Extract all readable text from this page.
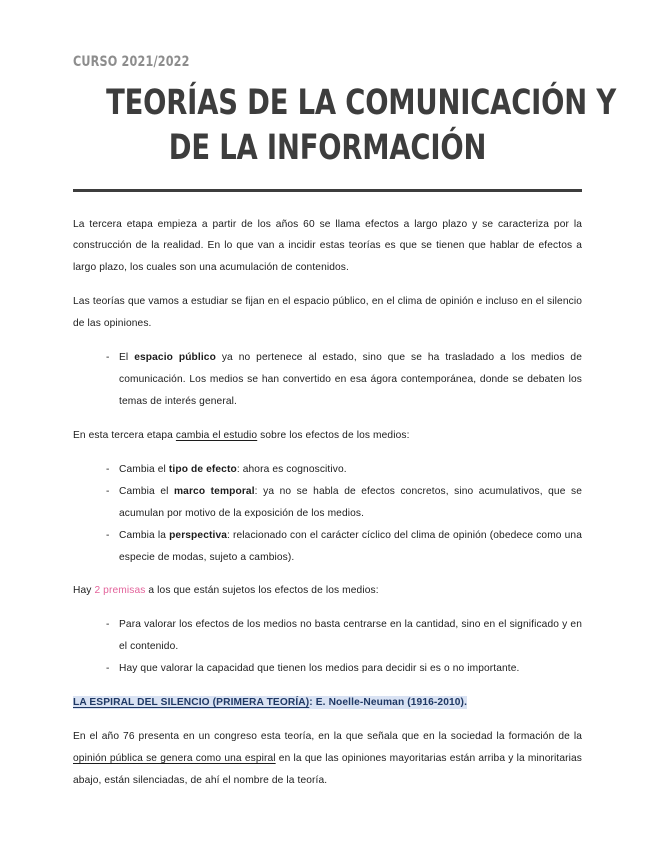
CURSO 2021/2022
TEORÍAS DE LA COMUNICACIÓN Y
DE LA INFORMACIÓN

La tercera etapa empieza a partir de los años 60 se llama efectos a largo plazo y se caracteriza por la construcción de la realidad. En lo que van a incidir estas teorías es que se tienen que hablar de efectos a largo plazo, los cuales son una acumulación de contenidos.

Las teorías que vamos a estudiar se fijan en el espacio público, en el clima de opinión e incluso en el silencio de las opiniones.

- El espacio público ya no pertenece al estado, sino que se ha trasladado a los medios de comunicación. Los medios se han convertido en esa ágora contemporánea, donde se debaten los temas de interés general.

En esta tercera etapa cambia el estudio sobre los efectos de los medios:

- Cambia el tipo de efecto: ahora es cognoscitivo.
- Cambia el marco temporal: ya no se habla de efectos concretos, sino acumulativos, que se acumulan por motivo de la exposición de los medios.
- Cambia la perspectiva: relacionado con el carácter cíclico del clima de opinión (obedece como una especie de modas, sujeto a cambios).

Hay 2 premisas a los que están sujetos los efectos de los medios:

- Para valorar los efectos de los medios no basta centrarse en la cantidad, sino en el significado y en el contenido.
- Hay que valorar la capacidad que tienen los medios para decidir si es o no importante.

LA ESPIRAL DEL SILENCIO (PRIMERA TEORÍA): E. Noelle-Neuman (1916-2010).

En el año 76 presenta en un congreso esta teoría, en la que señala que en la sociedad la formación de la opinión pública se genera como una espiral en la que las opiniones mayoritarias están arriba y la minoritarias abajo, están silenciadas, de ahí el nombre de la teoría.
